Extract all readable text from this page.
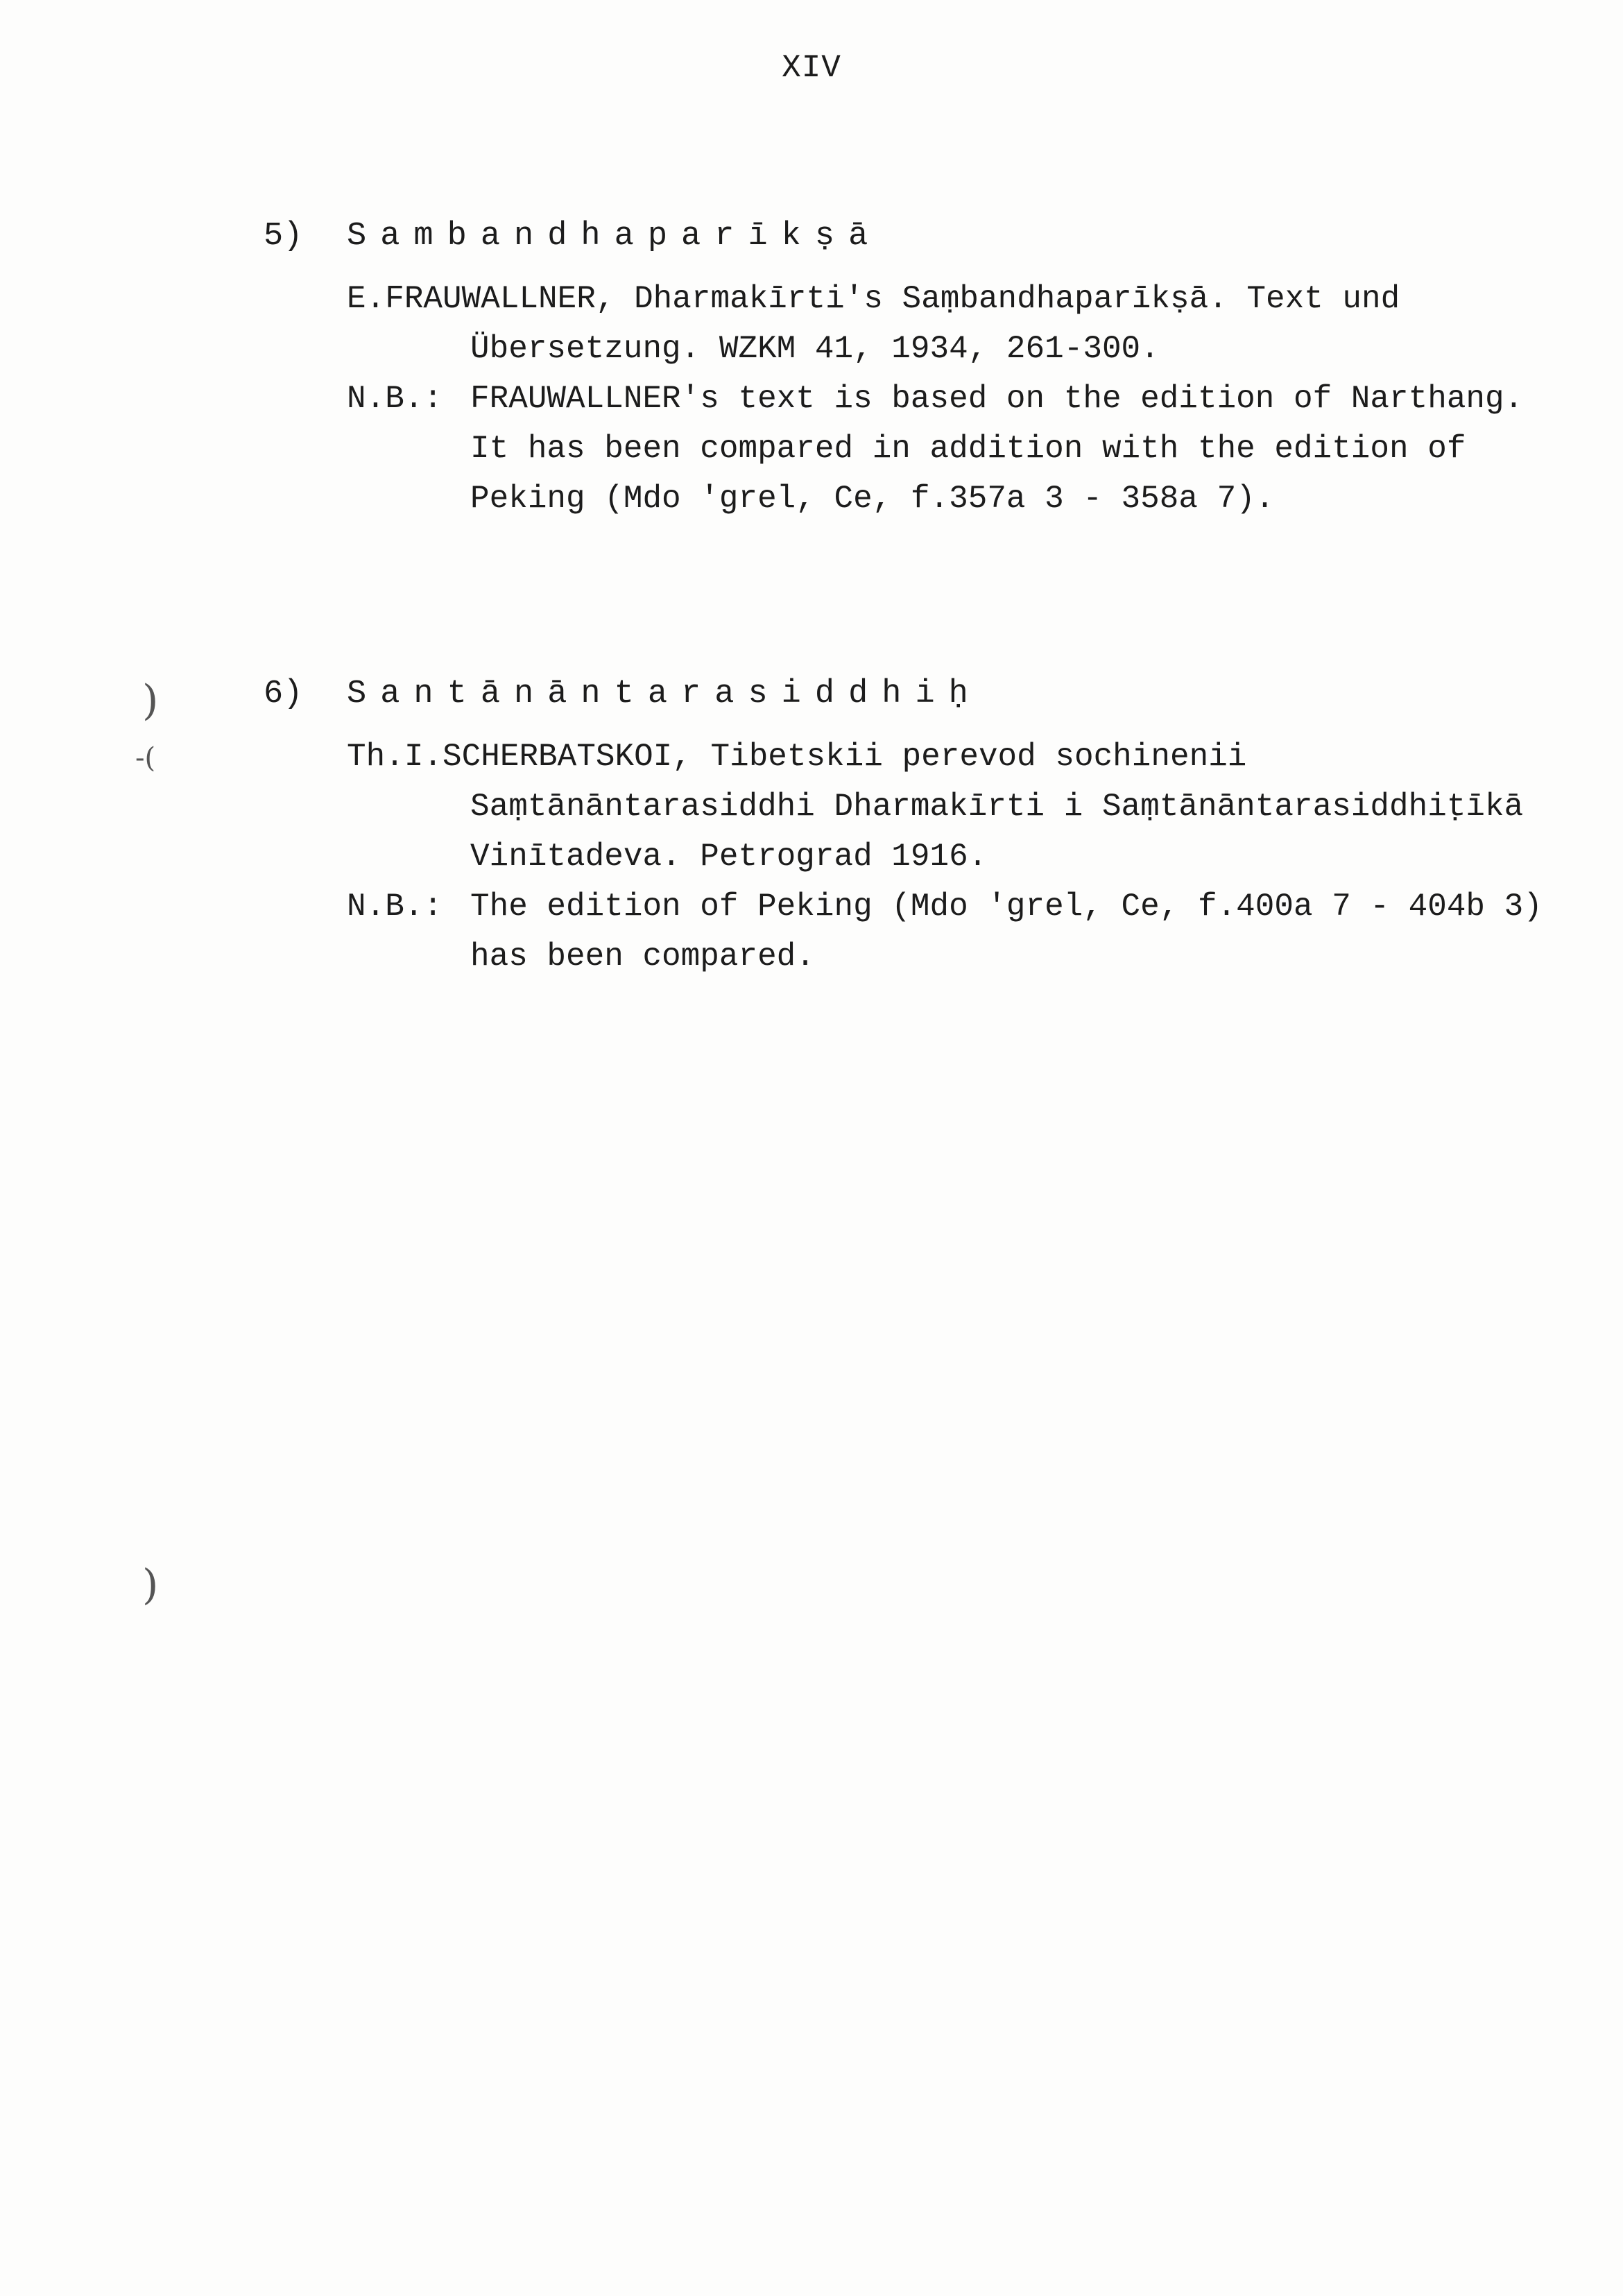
XIV
5) Sambandhaparīkṣā
E.FRAUWALLNER, Dharmakīrti's Saṃbandhaparīkṣā. Text und Übersetzung. WZKM 41, 1934, 261-300.
N.B.: FRAUWALLNER's text is based on the edition of Narthang. It has been compared in addition with the edition of Peking (Mdo 'grel, Ce, f.357a 3 - 358a 7).
6) Santānāntarasiddhiḥ
Th.I.SCHERBATSKOI, Tibetskii perevod sochinenii Saṃtānāntarasiddhi Dharmakīrti i Saṃtānāntarasiddhiṭīkā Vinītadeva. Petrograd 1916.
N.B.: The edition of Peking (Mdo 'grel, Ce, f.400a 7 - 404b 3) has been compared.
)
-(
)
